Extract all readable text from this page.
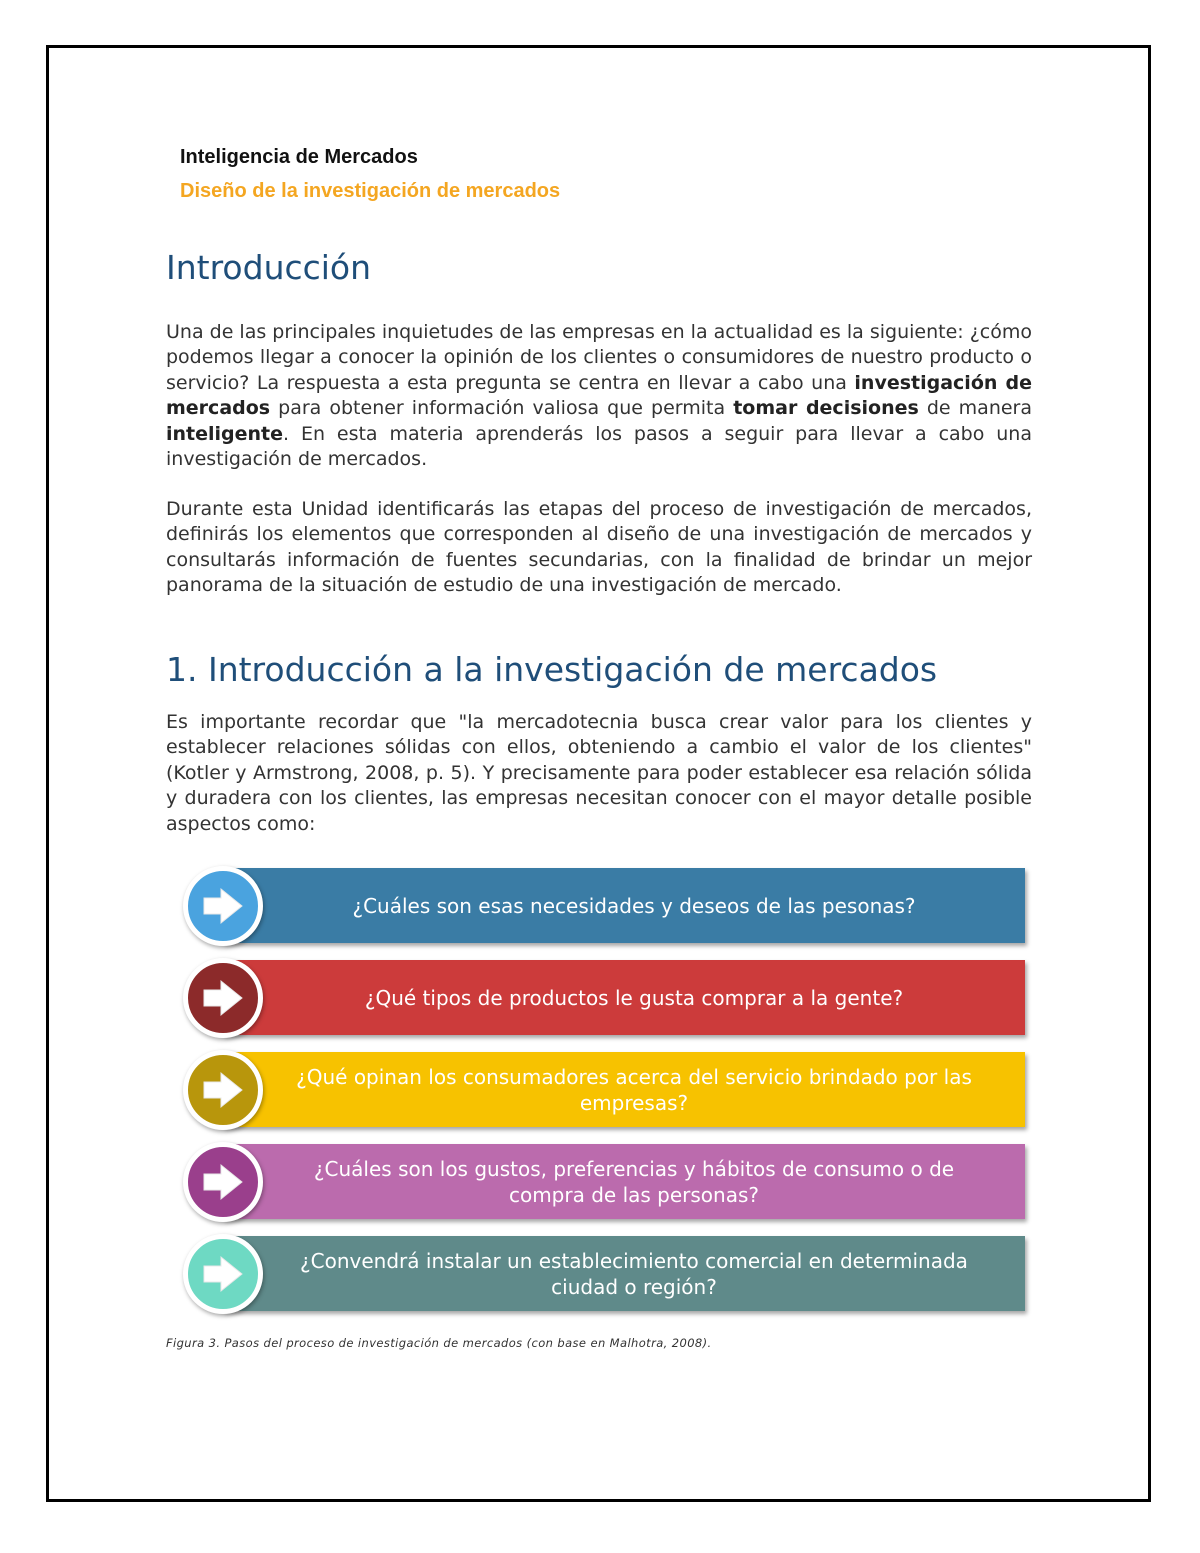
Inteligencia de Mercados

Diseño de la investigación de mercados

Introducción

Una de las principales inquietudes de las empresas en la actualidad es la siguiente: ¿cómo podemos llegar a conocer la opinión de los clientes o consumidores de nuestro producto o servicio? La respuesta a esta pregunta se centra en llevar a cabo una investigación de mercados para obtener información valiosa que permita tomar decisiones de manera inteligente. En esta materia aprenderás los pasos a seguir para llevar a cabo una investigación de mercados.

Durante esta Unidad identificarás las etapas del proceso de investigación de mercados, definirás los elementos que corresponden al diseño de una investigación de mercados y consultarás información de fuentes secundarias, con la finalidad de brindar un mejor panorama de la situación de estudio de una investigación de mercado.

1. Introducción a la investigación de mercados

Es importante recordar que "la mercadotecnia busca crear valor para los clientes y establecer relaciones sólidas con ellos, obteniendo a cambio el valor de los clientes" (Kotler y Armstrong, 2008, p. 5). Y precisamente para poder establecer esa relación sólida y duradera con los clientes, las empresas necesitan conocer con el mayor detalle posible aspectos como:

¿Cuáles son esas necesidades y deseos de las pesonas?
¿Qué tipos de productos le gusta comprar a la gente?
¿Qué opinan los consumadores acerca del servicio brindado por las empresas?
¿Cuáles son los gustos, preferencias y hábitos de consumo o de compra de las personas?
¿Convendrá instalar un establecimiento comercial en determinada ciudad o región?

Figura 3. Pasos del proceso de investigación de mercados (con base en Malhotra, 2008).
